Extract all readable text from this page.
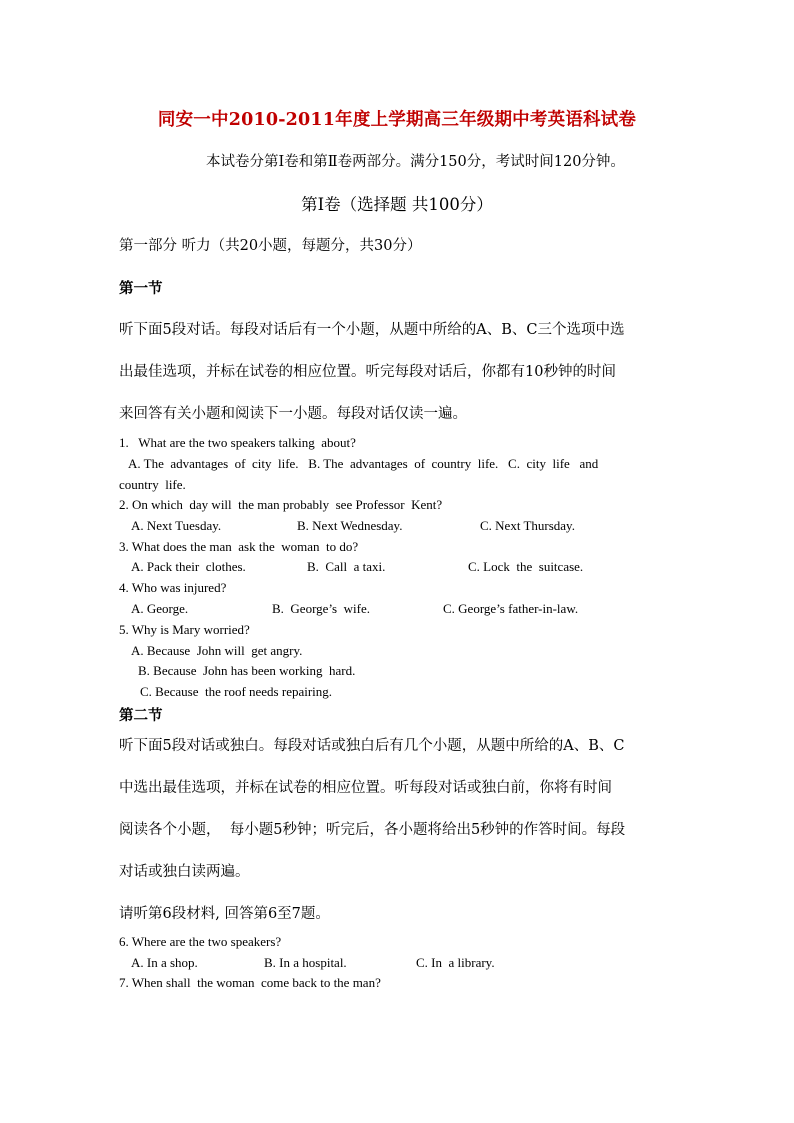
同安一中2010-2011年度上学期高三年级期中考英语科试卷
本试卷分第Ⅰ卷和第Ⅱ卷两部分。满分150分，考试时间120分钟。
第Ⅰ卷（选择题 共100分）
第一部分 听力（共20小题，每题分，共30分）
第一节
听下面5段对话。每段对话后有一个小题，从题中所给的A、B、C三个选项中选
出最佳选项，并标在试卷的相应位置。听完每段对话后，你都有10秒钟的时间
来回答有关小题和阅读下一小题。每段对话仅读一遍。
1.   What are the two speakers talking  about?
A. The  advantages  of  city  life.   B. The  advantages  of  country  life.   C.  city  life   and
country  life.
2. On which  day will  the man probably  see Professor  Kent?
A. Next Tuesday.	B. Next Wednesday.	C. Next Thursday.
3. What does the man  ask the  woman  to do?
A. Pack their  clothes.	B.  Call  a taxi.	C. Lock  the  suitcase.
4. Who was injured?
A. George.	B.  George’s  wife.	C. George’s father-in-law.
5. Why is Mary worried?
A. Because  John will  get angry.
B. Because  John has been working  hard.
C. Because  the roof needs repairing.
第二节
听下面5段对话或独白。每段对话或独白后有几个小题，从题中所给的A、B、C
中选出最佳选项，并标在试卷的相应位置。听每段对话或独白前，你将有时间
阅读各个小题，  每小题5秒钟；听完后，各小题将给出5秒钟的作答时间。每段
对话或独白读两遍。
请听第6段材料, 回答第6至7题。
6. Where are the two speakers?
A. In a shop.	B. In a hospital.	C. In  a library.
7. When shall  the woman  come back to the man?
